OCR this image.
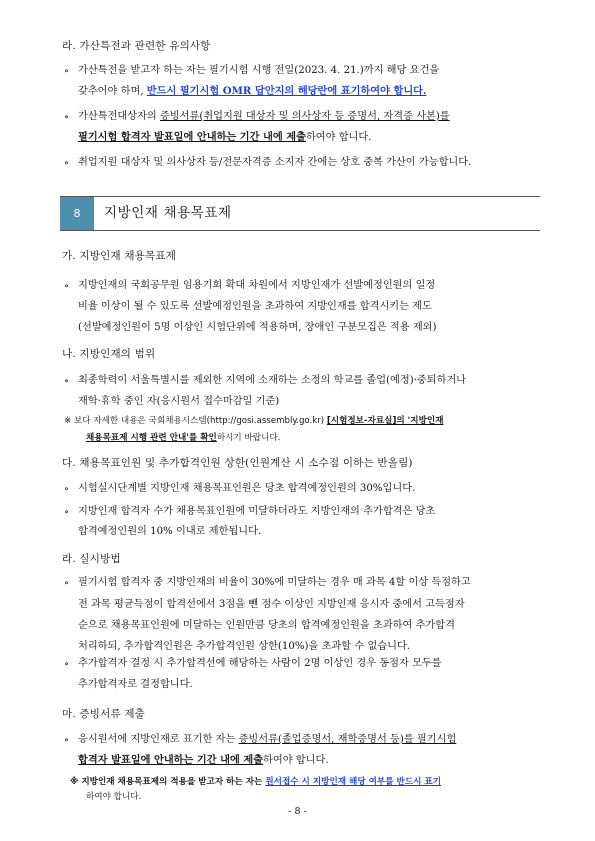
라. 가산특전과 관련한 유의사항
∘ 가산특전을 받고자 하는 자는 필기시험 시행 전일(2023. 4. 21.)까지 해당 요건을
갖추어야 하며, 반드시 필기시험 OMR 답안지의 해당란에 표기하여야 합니다.
∘ 가산특전대상자의 증빙서류(취업지원 대상자 및 의사상자 등 증명서, 자격증 사본)를
필기시험 합격자 발표일에 안내하는 기간 내에 제출하여야 합니다.
∘ 취업지원 대상자 및 의사상자 등/전문자격증 소지자 간에는 상호 중복 가산이 가능합니다.
8	지방인재 채용목표제
가. 지방인재 채용목표제
∘ 지방인재의 국회공무원 임용기회 확대 차원에서 지방인재가 선발예정인원의 일정
비율 이상이 될 수 있도록 선발예정인원을 초과하여 지방인재를 합격시키는 제도
(선발예정인원이 5명 이상인 시험단위에 적용하며, 장애인 구분모집은 적용 제외)
나. 지방인재의 범위
∘ 최종학력이 서울특별시를 제외한 지역에 소재하는 소정의 학교를 졸업(예정)·중퇴하거나
재학·휴학 중인 자(응시원서 접수마감일 기준)
※ 보다 자세한 내용은 국회채용시스템(http://gosi.assembly.go.kr) [시험정보-자료실]의 '지방인재
채용목표제 시행 관련 안내'를 확인하시기 바랍니다.
다. 채용목표인원 및 추가합격인원 상한(인원계산 시 소수점 이하는 반올림)
∘ 시험실시단계별 지방인재 채용목표인원은 당초 합격예정인원의 30%입니다.
∘ 지방인재 합격자 수가 채용목표인원에 미달하더라도 지방인재의 추가합격은 당초
합격예정인원의 10% 이내로 제한됩니다.
라. 실시방법
∘ 필기시험 합격자 중 지방인재의 비율이 30%에 미달하는 경우 매 과목 4할 이상 득점하고
전 과목 평균득점이 합격선에서 3점을 뺀 점수 이상인 지방인재 응시자 중에서 고득점자
순으로 채용목표인원에 미달하는 인원만큼 당초의 합격예정인원을 초과하여 추가합격
처리하되, 추가합격인원은 추가합격인원 상한(10%)을 초과할 수 없습니다.
∘ 추가합격자 결정 시 추가합격선에 해당하는 사람이 2명 이상인 경우 동점자 모두를
추가합격자로 결정합니다.
마. 증빙서류 제출
∘ 응시원서에 지방인재로 표기한 자는 증빙서류(졸업증명서, 재학증명서 등)를 필기시험
합격자 발표일에 안내하는 기간 내에 제출하여야 합니다.
※ 지방인재 채용목표제의 적용을 받고자 하는 자는 원서접수 시 지방인재 해당 여부를 반드시 표기
하여야 합니다.
- 8 -
